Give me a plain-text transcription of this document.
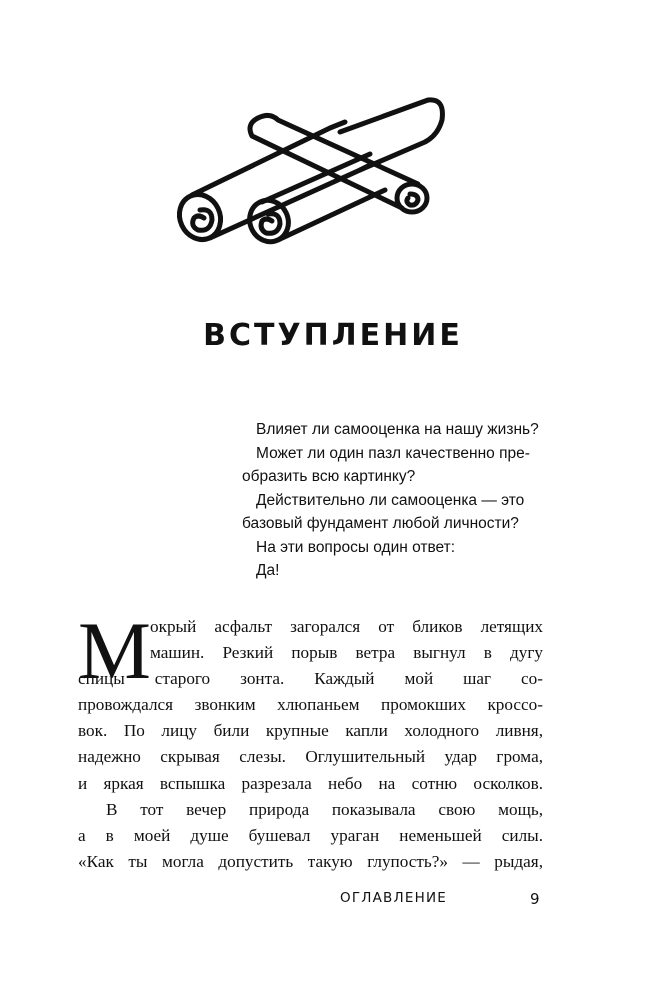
ВСТУПЛЕНИЕ
Влияет ли самооценка на нашу жизнь?
Может ли один пазл качественно пре-
образить всю картинку?
Действительно ли самооценка — это
базовый фундамент любой личности?
На эти вопросы один ответ:
Да!
М окрый асфальт загорался от бликов летящих
машин. Резкий порыв ветра выгнул в дугу
спицы старого зонта. Каждый мой шаг со-
провождался звонким хлюпаньем промокших кроссо-
вок. По лицу били крупные капли холодного ливня,
надежно скрывая слезы. Оглушительный удар грома,
и яркая вспышка разрезала небо на сотню осколков.
В тот вечер природа показывала свою мощь,
а в моей душе бушевал ураган неменьшей силы.
«Как ты могла допустить такую глупость?» — рыдая,
ОГЛАВЛЕНИЕ	9
